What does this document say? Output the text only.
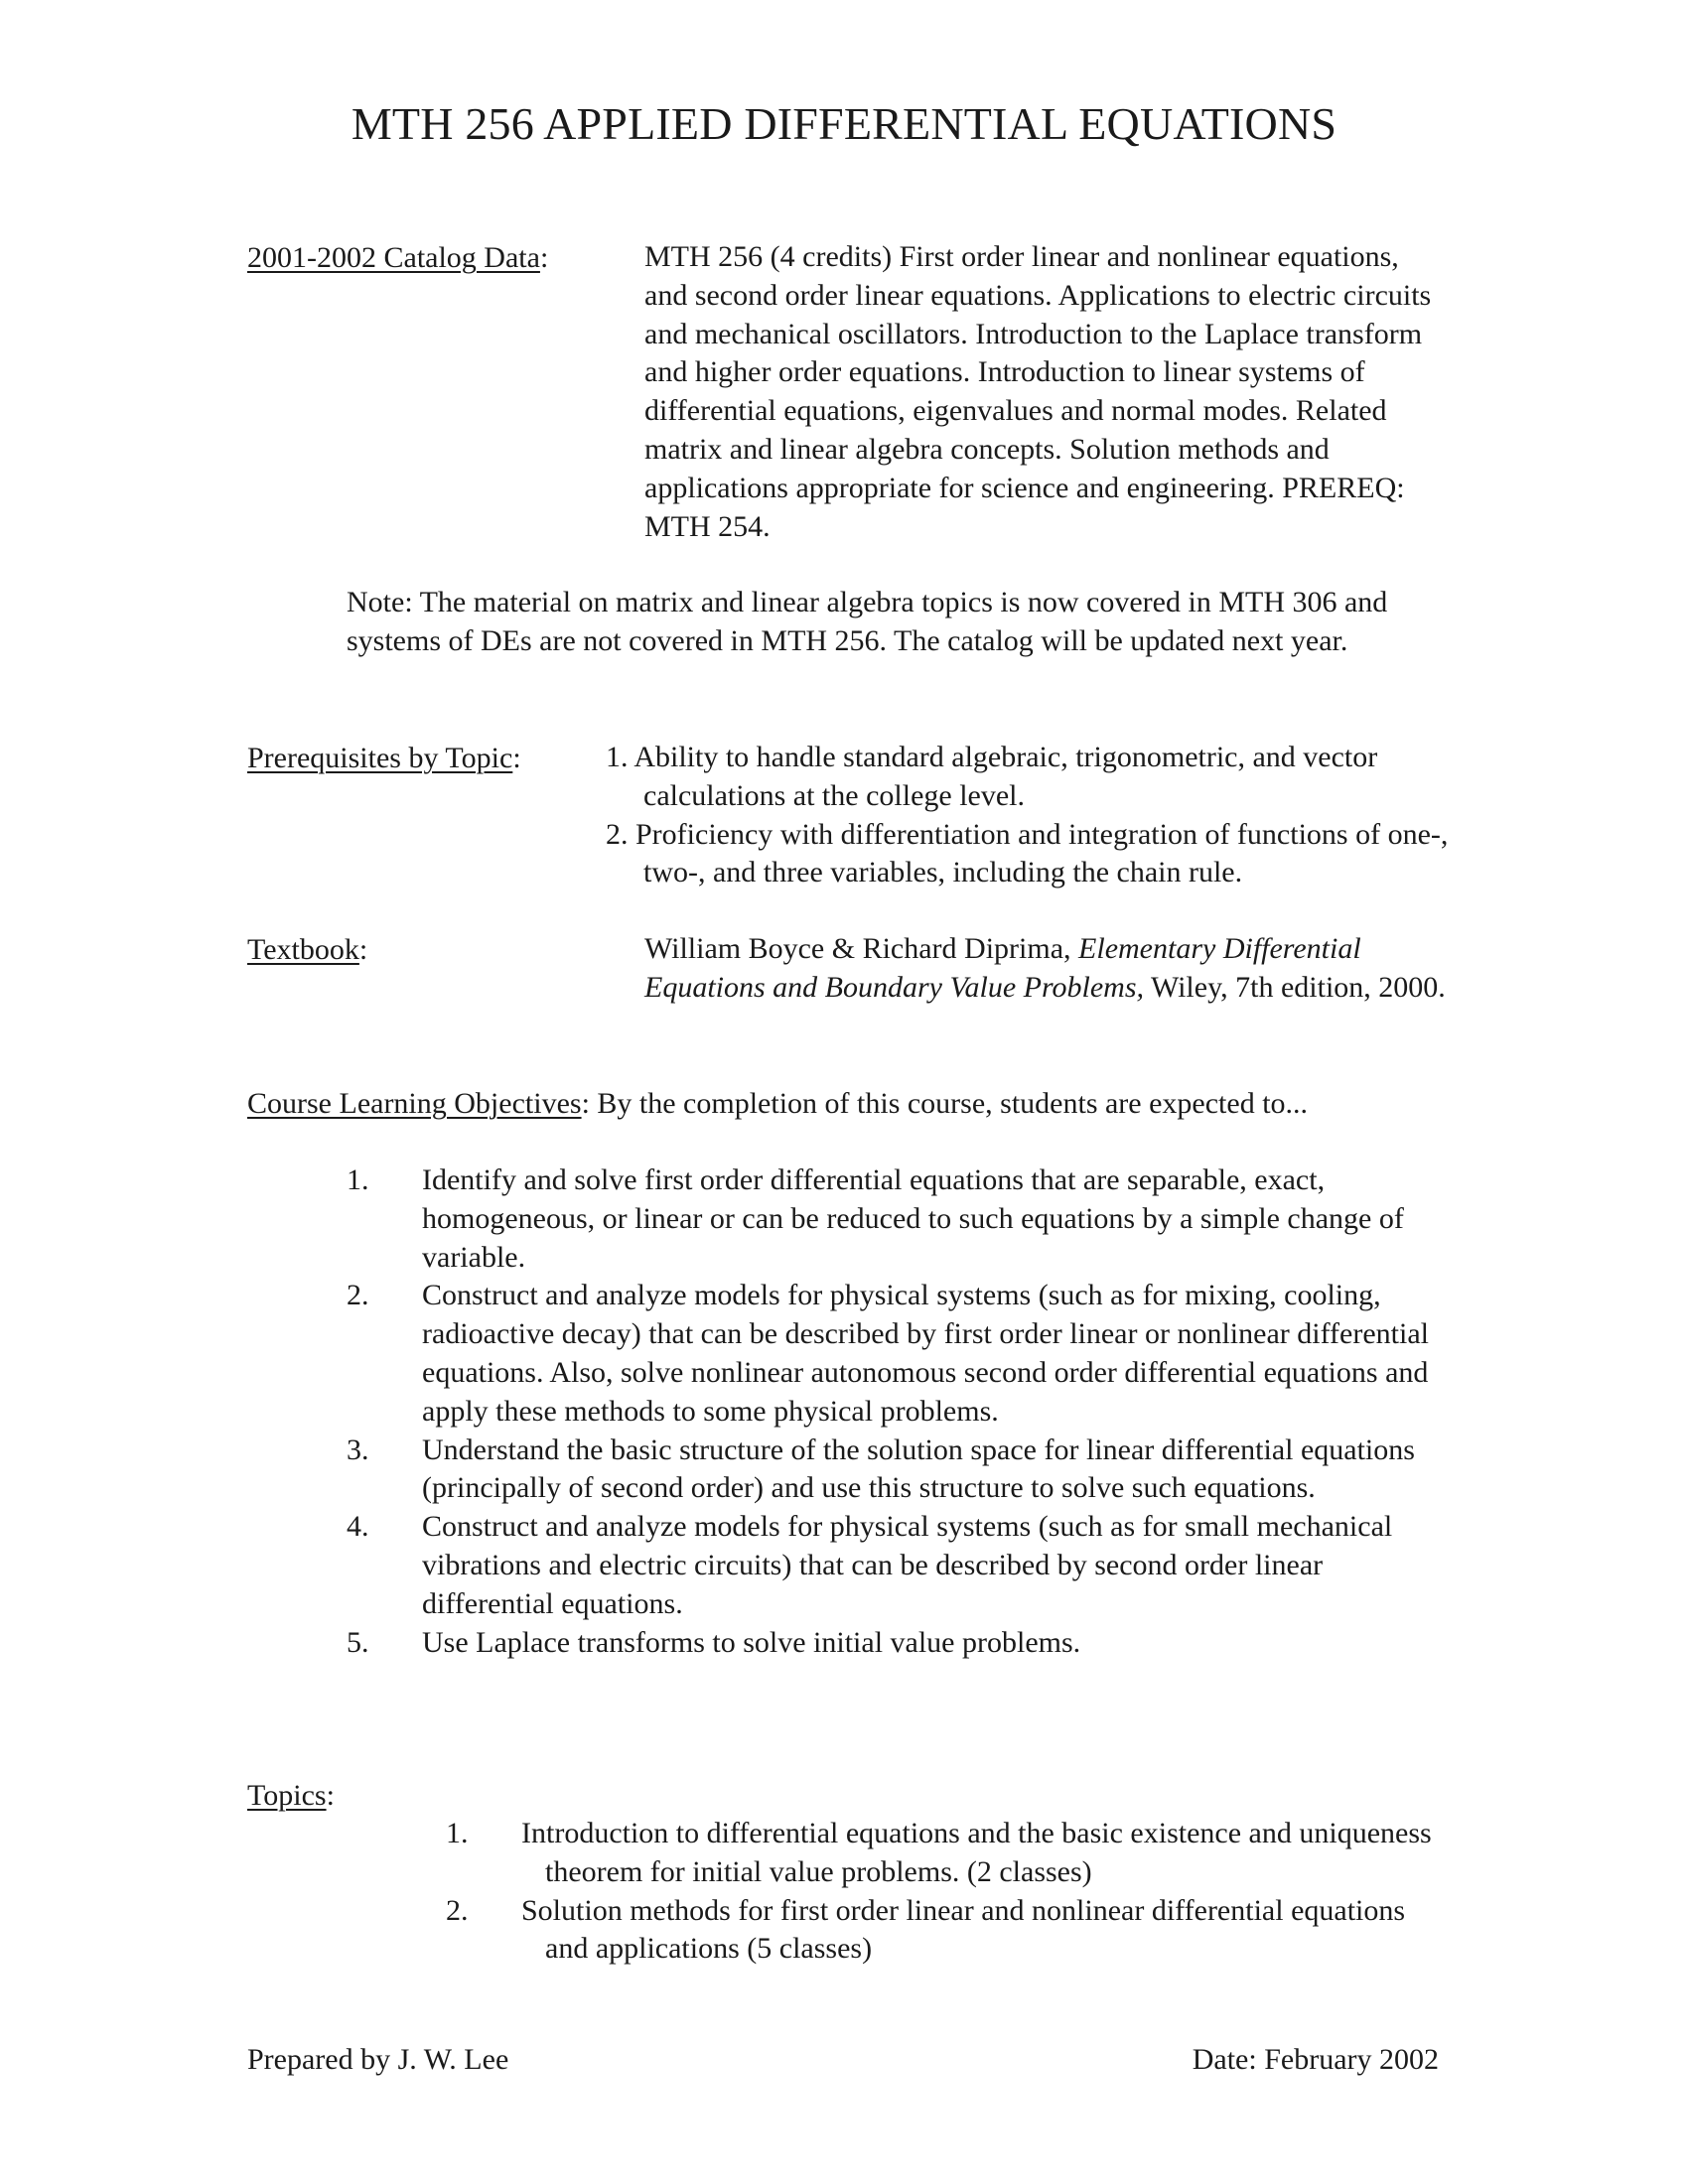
MTH 256 APPLIED DIFFERENTIAL EQUATIONS
2001-2002 Catalog Data:	MTH 256 (4 credits) First order linear and nonlinear equations, and second order linear equations. Applications to electric circuits and mechanical oscillators. Introduction to the Laplace transform and higher order equations. Introduction to linear systems of differential equations, eigenvalues and normal modes. Related matrix and linear algebra concepts. Solution methods and applications appropriate for science and engineering. PREREQ: MTH 254.
Note: The material on matrix and linear algebra topics is now covered in MTH 306 and systems of DEs are not covered in MTH 256. The catalog will be updated next year.
Prerequisites by Topic:	1. Ability to handle standard algebraic, trigonometric, and vector calculations at the college level.
2. Proficiency with differentiation and integration of functions of one-, two-, and three variables, including the chain rule.
Textbook:	William Boyce & Richard Diprima, Elementary Differential Equations and Boundary Value Problems, Wiley, 7th edition, 2000.
Course Learning Objectives: By the completion of this course, students are expected to...
1. Identify and solve first order differential equations that are separable, exact, homogeneous, or linear or can be reduced to such equations by a simple change of variable.
2. Construct and analyze models for physical systems (such as for mixing, cooling, radioactive decay) that can be described by first order linear or nonlinear differential equations. Also, solve nonlinear autonomous second order differential equations and apply these methods to some physical problems.
3. Understand the basic structure of the solution space for linear differential equations (principally of second order) and use this structure to solve such equations.
4. Construct and analyze models for physical systems (such as for small mechanical vibrations and electric circuits) that can be described by second order linear differential equations.
5. Use Laplace transforms to solve initial value problems.
Topics:
1. Introduction to differential equations and the basic existence and uniqueness theorem for initial value problems. (2 classes)
2. Solution methods for first order linear and nonlinear differential equations and applications (5 classes)
Prepared by J. W. Lee	Date: February 2002
